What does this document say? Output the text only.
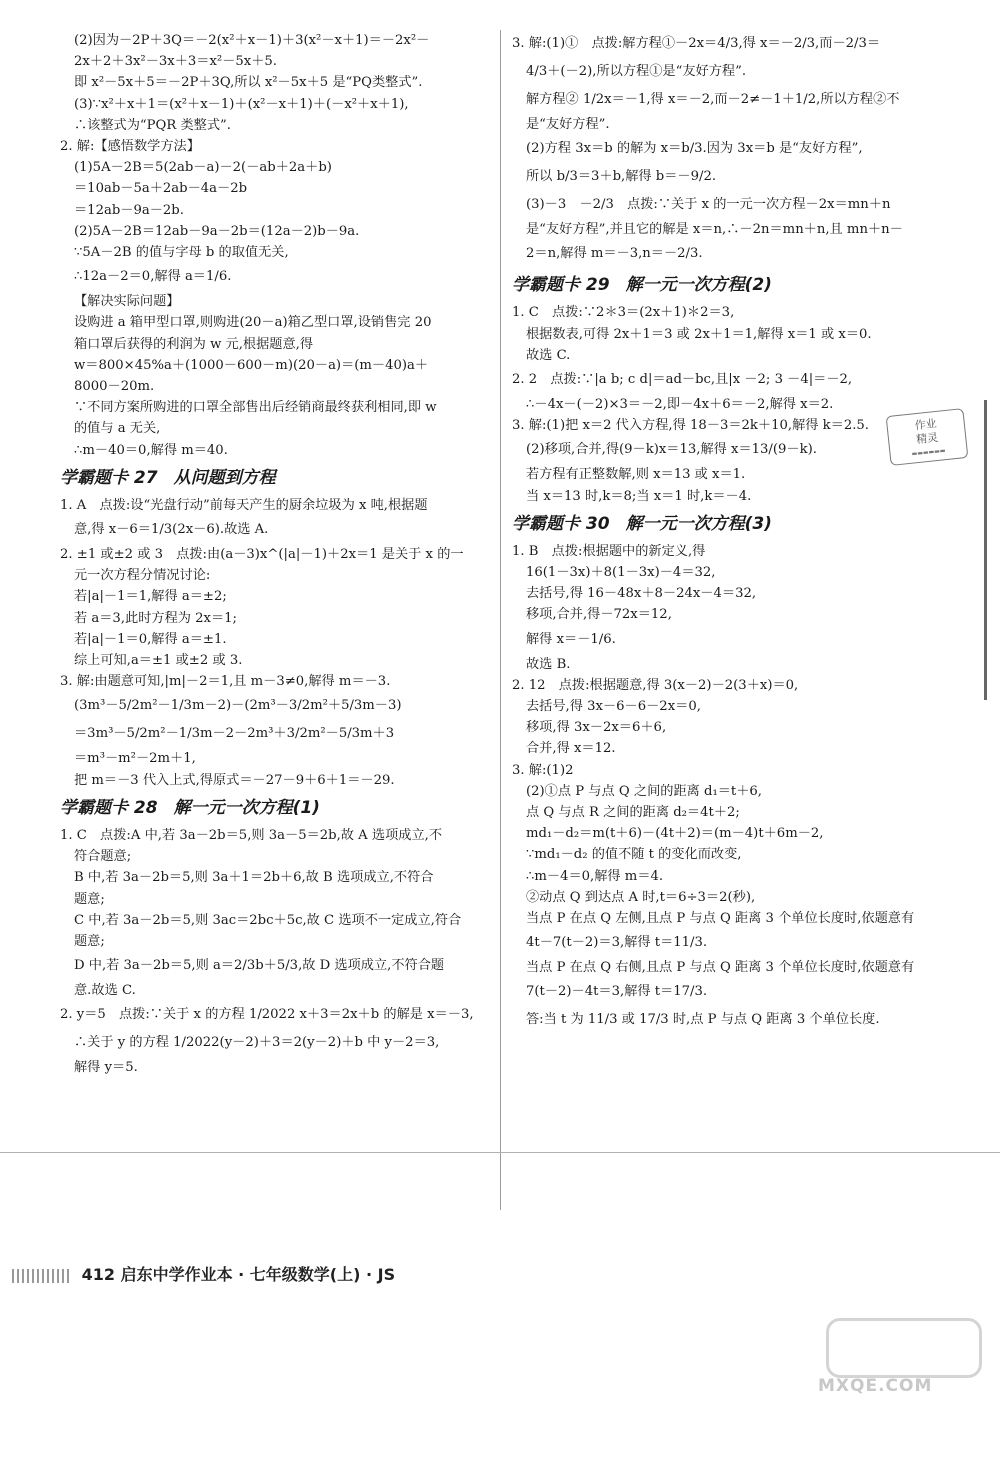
(2)因为－2P＋3Q＝－2(x²＋x－1)＋3(x²－x＋1)＝－2x²－
2x＋2＋3x²－3x＋3＝x²－5x＋5.
即 x²－5x＋5＝－2P＋3Q,所以 x²－5x＋5 是“PQ类整式”.
(3)∵x²＋x＋1＝(x²＋x－1)＋(x²－x＋1)＋(－x²＋x＋1),
∴该整式为“PQR 类整式”.
2. 解:【感悟数学方法】
(1)5A－2B＝5(2ab－a)－2(－ab＋2a＋b)
＝10ab－5a＋2ab－4a－2b
＝12ab－9a－2b.
(2)5A－2B＝12ab－9a－2b＝(12a－2)b－9a.
∵5A－2B 的值与字母 b 的取值无关,
∴12a－2＝0,解得 a＝1/6.
【解决实际问题】
设购进 a 箱甲型口罩,则购进(20－a)箱乙型口罩,设销售完 20
箱口罩后获得的利润为 w 元,根据题意,得
w＝800×45%a＋(1000－600－m)(20－a)＝(m－40)a＋
8000－20m.
∵不同方案所购进的口罩全部售出后经销商最终获利相同,即 w
的值与 a 无关,
∴m－40＝0,解得 m＝40.
学霸题卡 27 从问题到方程
1. A　点拨:设“光盘行动”前每天产生的厨余垃圾为 x 吨,根据题
意,得 x－6＝1/3(2x－6).故选 A.
2. ±1 或±2 或 3　点拨:由(a－3)x^(|a|－1)＋2x＝1 是关于 x 的一
元一次方程分情况讨论:
若|a|－1＝1,解得 a＝±2;
若 a＝3,此时方程为 2x＝1;
若|a|－1＝0,解得 a＝±1.
综上可知,a＝±1 或±2 或 3.
3. 解:由题意可知,|m|－2＝1,且 m－3≠0,解得 m＝－3.
(3m³－5/2m²－1/3m－2)－(2m³－3/2m²＋5/3m－3)
＝3m³－5/2m²－1/3m－2－2m³＋3/2m²－5/3m＋3
＝m³－m²－2m＋1,
把 m＝－3 代入上式,得原式＝－27－9＋6＋1＝－29.
学霸题卡 28 解一元一次方程(1)
1. C　点拨:A 中,若 3a－2b＝5,则 3a－5＝2b,故 A 选项成立,不
符合题意;
B 中,若 3a－2b＝5,则 3a＋1＝2b＋6,故 B 选项成立,不符合
题意;
C 中,若 3a－2b＝5,则 3ac＝2bc＋5c,故 C 选项不一定成立,符合
题意;
D 中,若 3a－2b＝5,则 a＝2/3b＋5/3,故 D 选项成立,不符合题
意.故选 C.
2. y＝5　点拨:∵关于 x 的方程 1/2022 x＋3＝2x＋b 的解是 x＝－3,
∴关于 y 的方程 1/2022(y－2)＋3＝2(y－2)＋b 中 y－2＝3,
解得 y＝5.
3. 解:(1)①　点拨:解方程①－2x＝4/3,得 x＝－2/3,而－2/3＝
4/3＋(－2),所以方程①是“友好方程”.
解方程② 1/2x＝－1,得 x＝－2,而－2≠－1＋1/2,所以方程②不
是“友好方程”.
(2)方程 3x＝b 的解为 x＝b/3.因为 3x＝b 是“友好方程”,
所以 b/3＝3＋b,解得 b＝－9/2.
(3)－3　－2/3　点拨:∵关于 x 的一元一次方程－2x＝mn＋n
是“友好方程”,并且它的解是 x＝n,∴－2n＝mn＋n,且 mn＋n－
2＝n,解得 m＝－3,n＝－2/3.
学霸题卡 29 解一元一次方程(2)
1. C　点拨:∵2＊3＝(2x＋1)＊2＝3,
根据数表,可得 2x＋1＝3 或 2x＋1＝1,解得 x＝1 或 x＝0.
故选 C.
2. 2　点拨:∵|a b; c d|＝ad－bc,且|x －2; 3 －4|＝－2,
∴－4x－(－2)×3＝－2,即－4x＋6＝－2,解得 x＝2.
3. 解:(1)把 x＝2 代入方程,得 18－3＝2k＋10,解得 k＝2.5.
(2)移项,合并,得(9－k)x＝13,解得 x＝13/(9－k).
若方程有正整数解,则 x＝13 或 x＝1.
当 x＝13 时,k＝8;当 x＝1 时,k＝－4.
学霸题卡 30 解一元一次方程(3)
1. B　点拨:根据题中的新定义,得
16(1－3x)＋8(1－3x)－4＝32,
去括号,得 16－48x＋8－24x－4＝32,
移项,合并,得－72x＝12,
解得 x＝－1/6.
故选 B.
2. 12　点拨:根据题意,得 3(x－2)－2(3＋x)＝0,
去括号,得 3x－6－6－2x＝0,
移项,得 3x－2x＝6＋6,
合并,得 x＝12.
3. 解:(1)2
(2)①点 P 与点 Q 之间的距离 d₁＝t＋6,
点 Q 与点 R 之间的距离 d₂＝4t＋2;
md₁－d₂＝m(t＋6)－(4t＋2)＝(m－4)t＋6m－2,
∵md₁－d₂ 的值不随 t 的变化而改变,
∴m－4＝0,解得 m＝4.
②动点 Q 到达点 A 时,t＝6÷3＝2(秒),
当点 P 在点 Q 左侧,且点 P 与点 Q 距离 3 个单位长度时,依题意有
4t－7(t－2)＝3,解得 t＝11/3.
当点 P 在点 Q 右侧,且点 P 与点 Q 距离 3 个单位长度时,依题意有
7(t－2)－4t＝3,解得 t＝17/3.
答:当 t 为 11/3 或 17/3 时,点 P 与点 Q 距离 3 个单位长度.
412 启东中学作业本 · 七年级数学(上) · JS
作业
精灵
▬▬▬▬▬▬
MXQE.COM
